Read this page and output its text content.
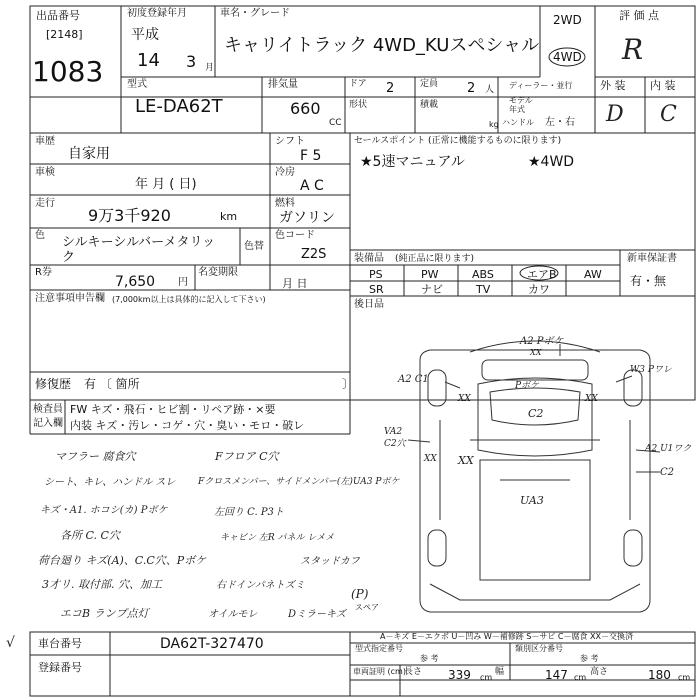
出品番号
[2148]
1083
初度登録年月
平成
14 3 月
車名・グレード
キャリイトラック 4WD_KUスペシャル
2WD
4WD
評 価 点
R
型式
LE-DA62T
排気量
660
CC
ドア 2	定員 2 人
形状	積載
kg
ディーラー・並行
モデル
年式
ハンドル 左・右
外 装 内 装
D C
車歴
自家用
シフト
F 5
車検
年 月 ( 日)
冷房
A C
走行
9万3千920	km
燃料
ガソリン
色 シルキーシルバーメタリッ
ク
色替
色コード
Z2S
R券
7,650 円
名変期限
月 日
セールスポイント (正常に機能するものに限ります)
★5速マニュアル	★4WD
装備品 (純正品に限ります)
PS	PW	ABS	エアB AW
SR	ナビ	TV	カワ
新車保証書
有・無
注意事項申告欄 (7,000km以上は具体的に記入して下さい)
修復歴 有 〔 箇所	〕
後日品
検査員
記入欄
FW キズ・飛石・ヒビ割・リペア跡・×要
内装 キズ・汚レ・コゲ・穴・臭い・モロ・破レ
マフラー 腐食穴	Fフロア C穴
シート、キレ、ハンドル スレ	Fクロスメンバー、サイドメンバー(左)UA3 Pボケ
キズ・A1. ホコシ(カ) Pボケ	左回り C. P3ト
各所 C. C穴	キャビン 左R パネル レメメ
荷台廻り キズ(A)、C.C穴、Pボケ	スタッドカフ
3才リ. 取付部. 穴、加工	右ドインパネトズミ
エコB ランプ点灯	オイルモレ	Dミラーキズ
(P)
スペア
√
A2 Pボケ
A2 C1
W3 Pワレ
Pボケ
C2
XX	XX
VA2
C2穴
XX XX
A2 U1ワク
C2
UA3
XX
車台番号	DA62T-327470
登録番号
A－キズ E－エクボ U－凹み W－補修跡 S－サビ C－腐食 XX－交換済
型式指定番号
参 考
類別区分番号
参 考
車両証明 (cm)
長さ 339 cm
幅	147 cm
高さ	180 cm
